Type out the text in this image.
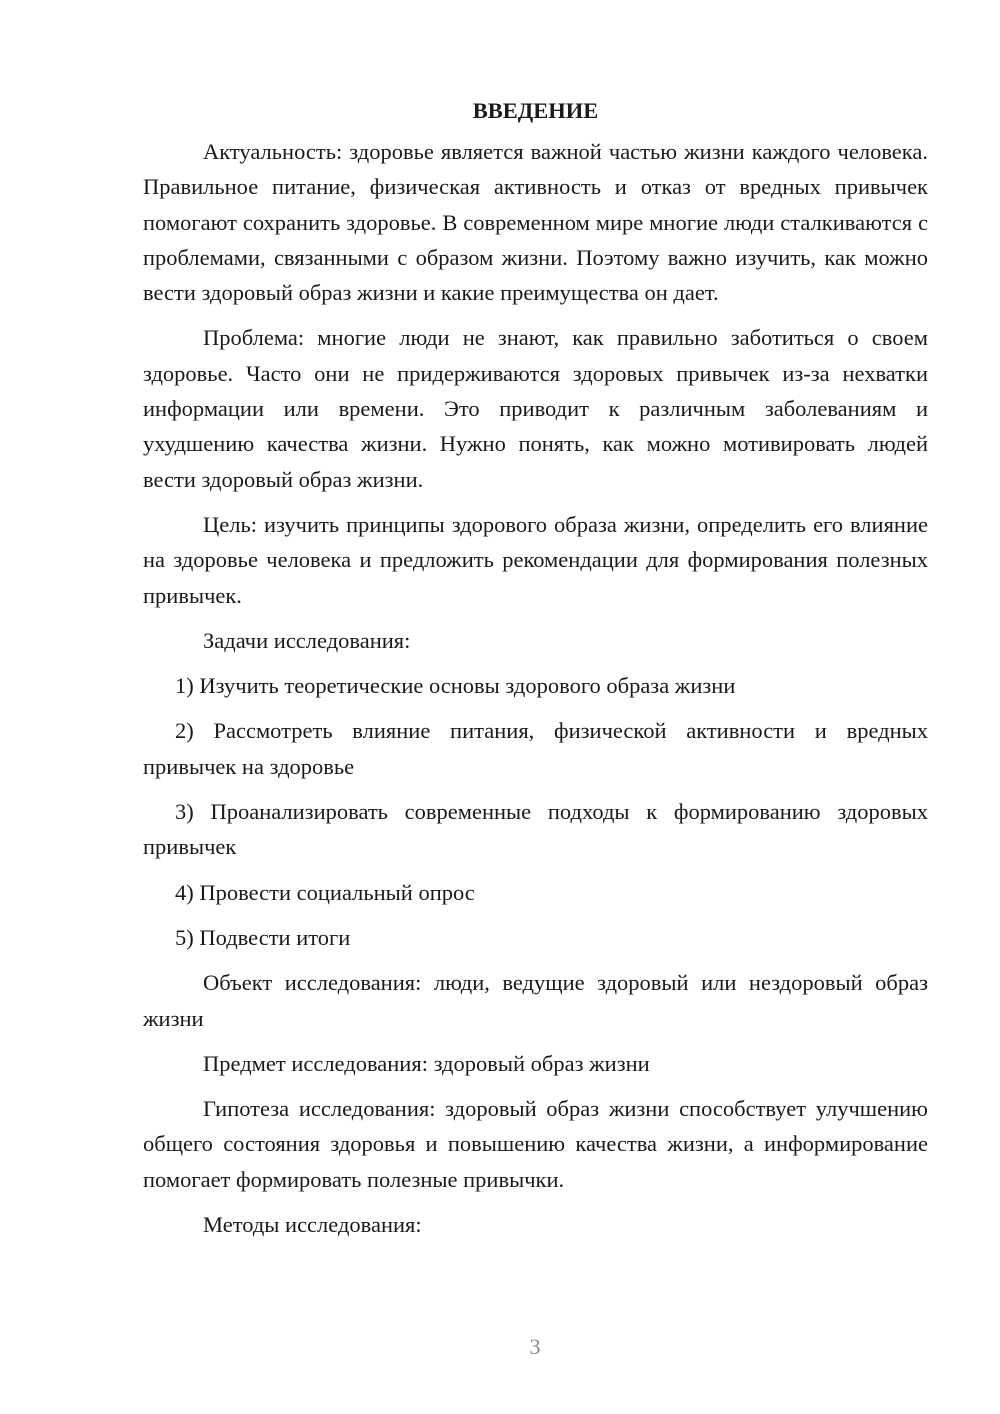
ВВЕДЕНИЕ

Актуальность: здоровье является важной частью жизни каждого человека. Правильное питание, физическая активность и отказ от вредных привычек помогают сохранить здоровье. В современном мире многие люди сталкиваются с проблемами, связанными с образом жизни. Поэтому важно изучить, как можно вести здоровый образ жизни и какие преимущества он дает.

Проблема: многие люди не знают, как правильно заботиться о своем здоровье. Часто они не придерживаются здоровых привычек из-за нехватки информации или времени. Это приводит к различным заболеваниям и ухудшению качества жизни. Нужно понять, как можно мотивировать людей вести здоровый образ жизни.

Цель: изучить принципы здорового образа жизни, определить его влияние на здоровье человека и предложить рекомендации для формирования полезных привычек.

Задачи исследования:

1) Изучить теоретические основы здорового образа жизни

2) Рассмотреть влияние питания, физической активности и вредных привычек на здоровье

3) Проанализировать современные подходы к формированию здоровых привычек

4) Провести социальный опрос

5) Подвести итоги

Объект исследования: люди, ведущие здоровый или нездоровый образ жизни

Предмет исследования: здоровый образ жизни

Гипотеза исследования: здоровый образ жизни способствует улучшению общего состояния здоровья и повышению качества жизни, а информирование помогает формировать полезные привычки.

Методы исследования:

3
